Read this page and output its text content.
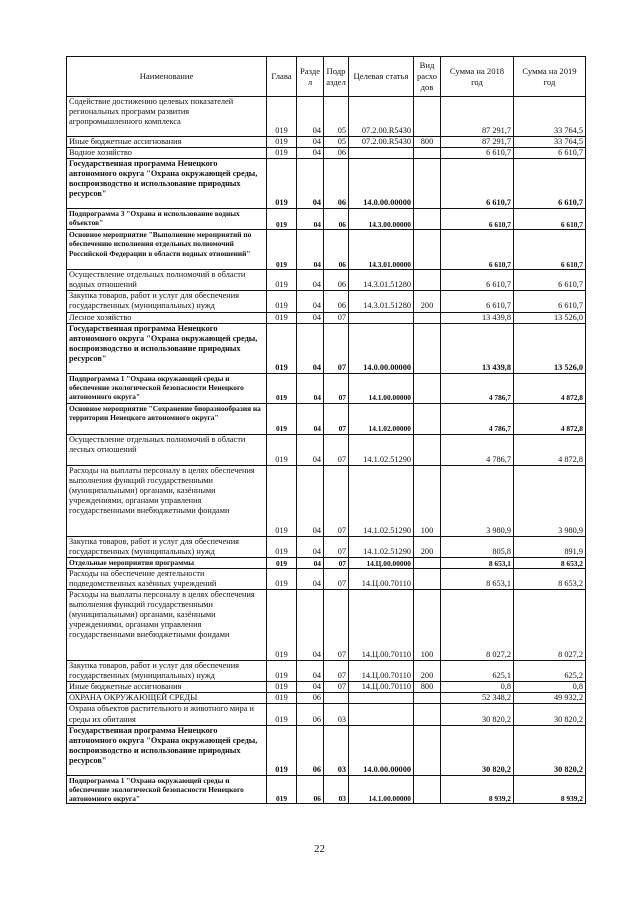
Наименование	Глава	Разде л	Подр аздел	Целевая статья	Вид расхо дов	Сумма на 2018 год	Сумма на 2019 год
Содействие достижению целевых показателей региональных программ развития агропромышленного комплекса	019	04	05	07.2.00.R5430		87 291,7	33 764,5
Иные бюджетные ассигнования	019	04	05	07.2.00.R5430	800	87 291,7	33 764,5
Водное хозяйство	019	04	06			6 610,7	6 610,7
Государственная программа Ненецкого автономного округа "Охрана окружающей среды, воспроизводство и использование природных ресурсов"	019	04	06	14.0.00.00000		6 610,7	6 610,7
Подпрограмма 3 "Охрана и использование водных объектов"	019	04	06	14.3.00.00000		6 610,7	6 610,7
Основное мероприятие "Выполнение мероприятий по обеспечению исполнения отдельных полномочий Российской Федерации в области водных отношений"	019	04	06	14.3.01.00000		6 610,7	6 610,7
Осуществление отдельных полномочий в области водных отношений	019	04	06	14.3.01.51280		6 610,7	6 610,7
Закупка товаров, работ и услуг для обеспечения государственных (муниципальных) нужд	019	04	06	14.3.01.51280	200	6 610,7	6 610,7
Лесное хозяйство	019	04	07			13 439,8	13 526,0
Государственная программа Ненецкого автономного округа "Охрана окружающей среды, воспроизводство и использование природных ресурсов"	019	04	07	14.0.00.00000		13 439,8	13 526,0
Подпрограмма 1 "Охрана окружающей среды и обеспечение экологической безопасности Ненецкого автономного округа"	019	04	07	14.1.00.00000		4 786,7	4 872,8
Основное мероприятие "Сохранение биоразнообразия на территории Ненецкого автономного округа"	019	04	07	14.1.02.00000		4 786,7	4 872,8
Осуществление отдельных полномочий в области лесных отношений	019	04	07	14.1.02.51290		4 786,7	4 872,8
Расходы на выплаты персоналу в целях обеспечения выполнения функций государственными (муниципальными) органами, казёнными учреждениями, органами управления государственными внебюджетными фондами	019	04	07	14.1.02.51290	100	3 980,9	3 980,9
Закупка товаров, работ и услуг для обеспечения государственных (муниципальных) нужд	019	04	07	14.1.02.51290	200	805,8	891,9
Отдельные мероприятия программы	019	04	07	14.Ц.00.00000		8 653,1	8 653,2
Расходы на обеспечение деятельности подведомственных казённых учреждений	019	04	07	14.Ц.00.70110		8 653,1	8 653,2
Расходы на выплаты персоналу в целях обеспечения выполнения функций государственными (муниципальными) органами, казёнными учреждениями, органами управления государственными внебюджетными фондами	019	04	07	14.Ц.00.70110	100	8 027,2	8 027,2
Закупка товаров, работ и услуг для обеспечения государственных (муниципальных) нужд	019	04	07	14.Ц.00.70110	200	625,1	625,2
Иные бюджетные ассигнования	019	04	07	14.Ц.00.70110	800	0,8	0,8
ОХРАНА ОКРУЖАЮЩЕЙ СРЕДЫ	019	06				52 348,2	49 932,2
Охрана объектов растительного и животного мира и среды их обитания	019	06	03			30 820,2	30 820,2
Государственная программа Ненецкого автономного округа "Охрана окружающей среды, воспроизводство и использование природных ресурсов"	019	06	03	14.0.00.00000		30 820,2	30 820,2
Подпрограмма 1 "Охрана окружающей среды и обеспечение экологической безопасности Ненецкого автономного округа"	019	06	03	14.1.00.00000		8 939,2	8 939,2
22
